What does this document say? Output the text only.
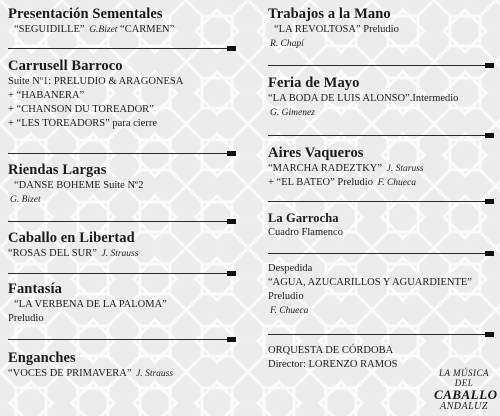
Presentación Sementales
“SEGUIDILLE” G.Bizet “CARMEN”
Carrusell Barroco
Suite Nº1: PRELUDIO & ARAGONESA
+ “HABANERA”
+ “CHANSON DU TOREADOR”
+ “LES TOREADORS” para cierre
Riendas Largas
“DANSE BOHEME Suite Nº2
G. Bizet
Caballo en Libertad
“ROSAS DEL SUR” J. Strauss
Fantasía
“LA VERBENA DE LA PALOMA”
Preludio
Enganches
“VOCES DE PRIMAVERA” J. Strauss
Trabajos a la Mano
“LA REVOLTOSA” Preludio
R. Chapí
Feria de Mayo
“LA BODA DE LUIS ALONSO”.Intermedio
G. Gimenez
Aires Vaqueros
“MARCHA RADEZTKY” J. Staruss
+ “EL BATEO” Preludio F. Chueca
La Garrocha
Cuadro Flamenco
Despedida
“AGUA, AZUCARILLOS Y AGUARDIENTE”
Preludio
F. Chueca
ORQUESTA DE CÓRDOBA
Director: LORENZO RAMOS
LA MÚSICA DEL
CABALLO
ANDALUZ
